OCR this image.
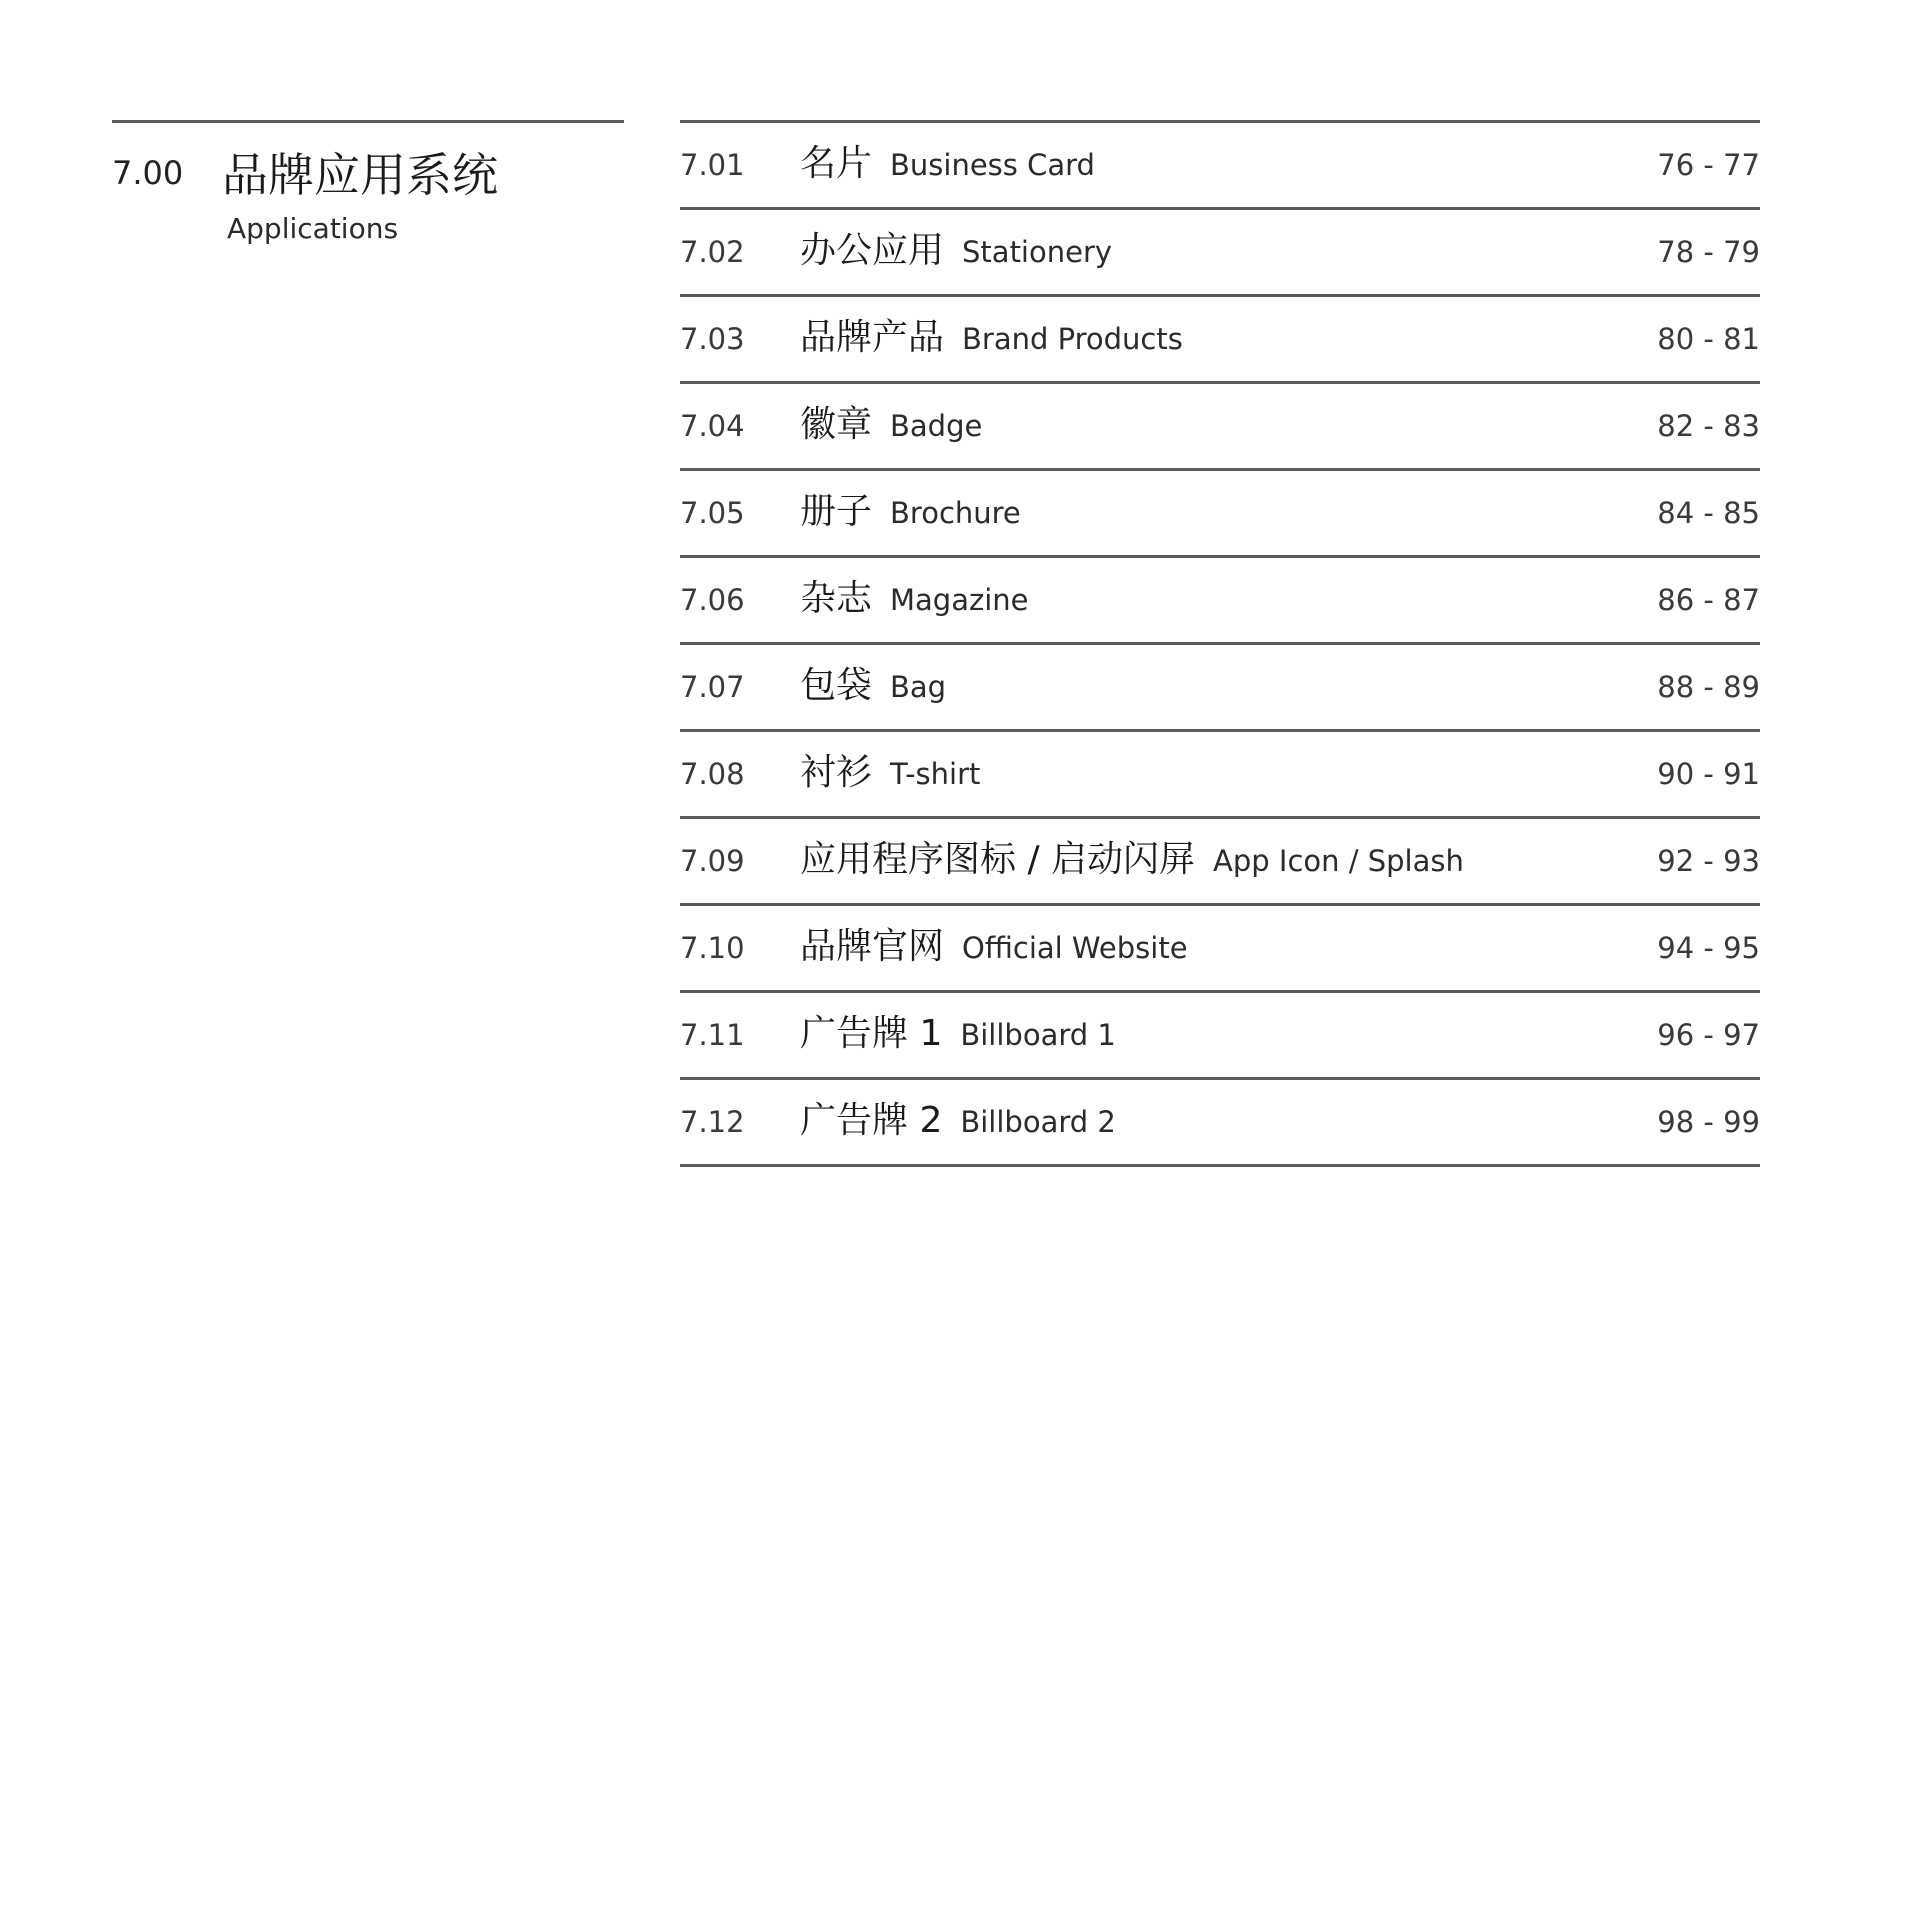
7.00 品牌应用系统
Applications
7.01 名片 Business Card	76 - 77
7.02 办公应用 Stationery	78 - 79
7.03 品牌产品 Brand Products	80 - 81
7.04 徽章 Badge	82 - 83
7.05 册子 Brochure	84 - 85
7.06 杂志 Magazine	86 - 87
7.07 包袋 Bag	88 - 89
7.08 衬衫 T-shirt	90 - 91
7.09 应用程序图标 / 启动闪屏 App Icon / Splash	92 - 93
7.10 品牌官网 Official Website	94 - 95
7.11 广告牌 1 Billboard 1	96 - 97
7.12 广告牌 2 Billboard 2	98 - 99
